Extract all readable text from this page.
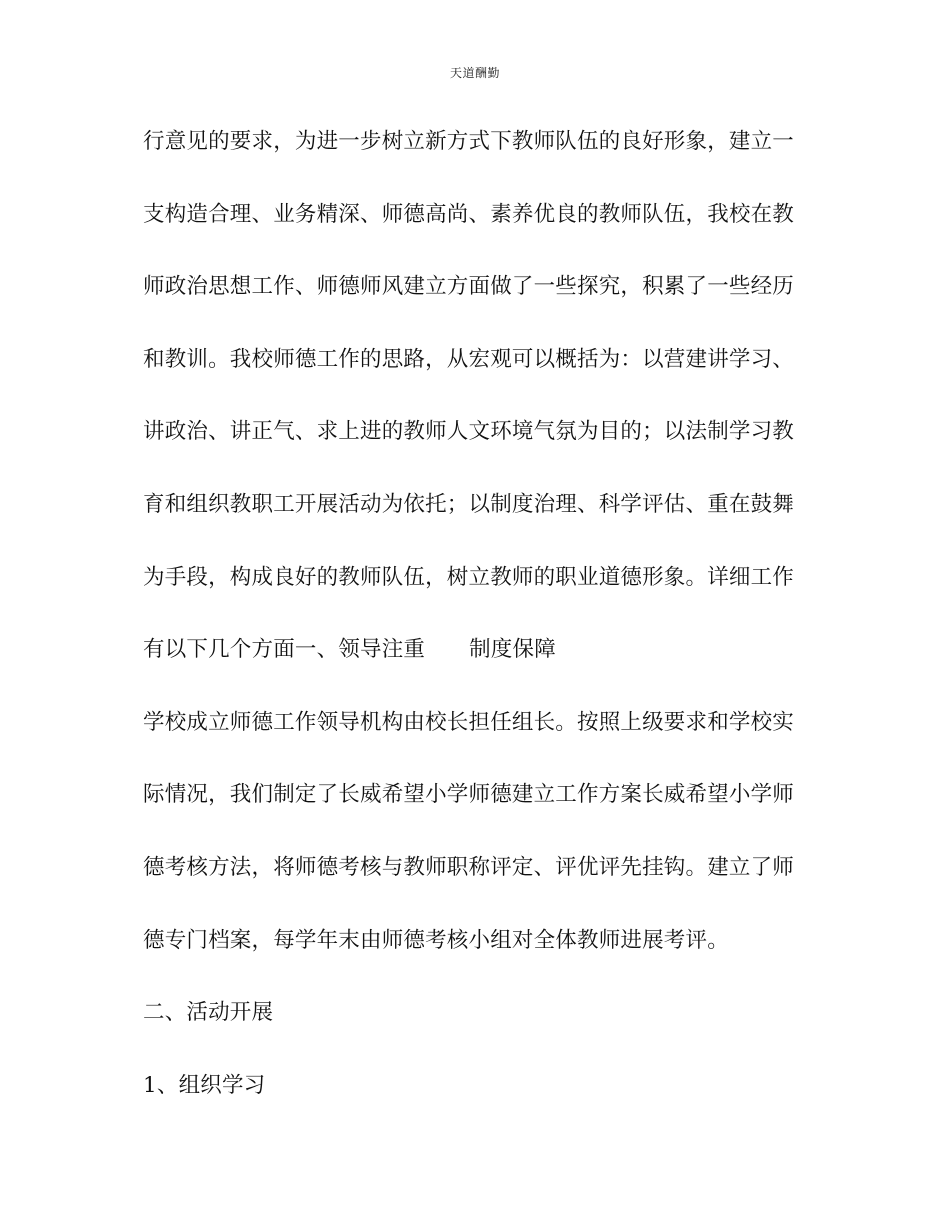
天道酬勤
行意见的要求，为进一步树立新方式下教师队伍的良好形象，建立一
支构造合理、业务精深、师德高尚、素养优良的教师队伍，我校在教
师政治思想工作、师德师风建立方面做了一些探究，积累了一些经历
和教训。我校师德工作的思路，从宏观可以概括为：以营建讲学习、
讲政治、讲正气、求上进的教师人文环境气氛为目的；以法制学习教
育和组织教职工开展活动为依托；以制度治理、科学评估、重在鼓舞
为手段，构成良好的教师队伍，树立教师的职业道德形象。详细工作
有以下几个方面一、领导注重 制度保障
学校成立师德工作领导机构由校长担任组长。按照上级要求和学校实
际情况，我们制定了长威希望小学师德建立工作方案长威希望小学师
德考核方法，将师德考核与教师职称评定、评优评先挂钩。建立了师
德专门档案，每学年末由师德考核小组对全体教师进展考评。
二、活动开展
1、组织学习
